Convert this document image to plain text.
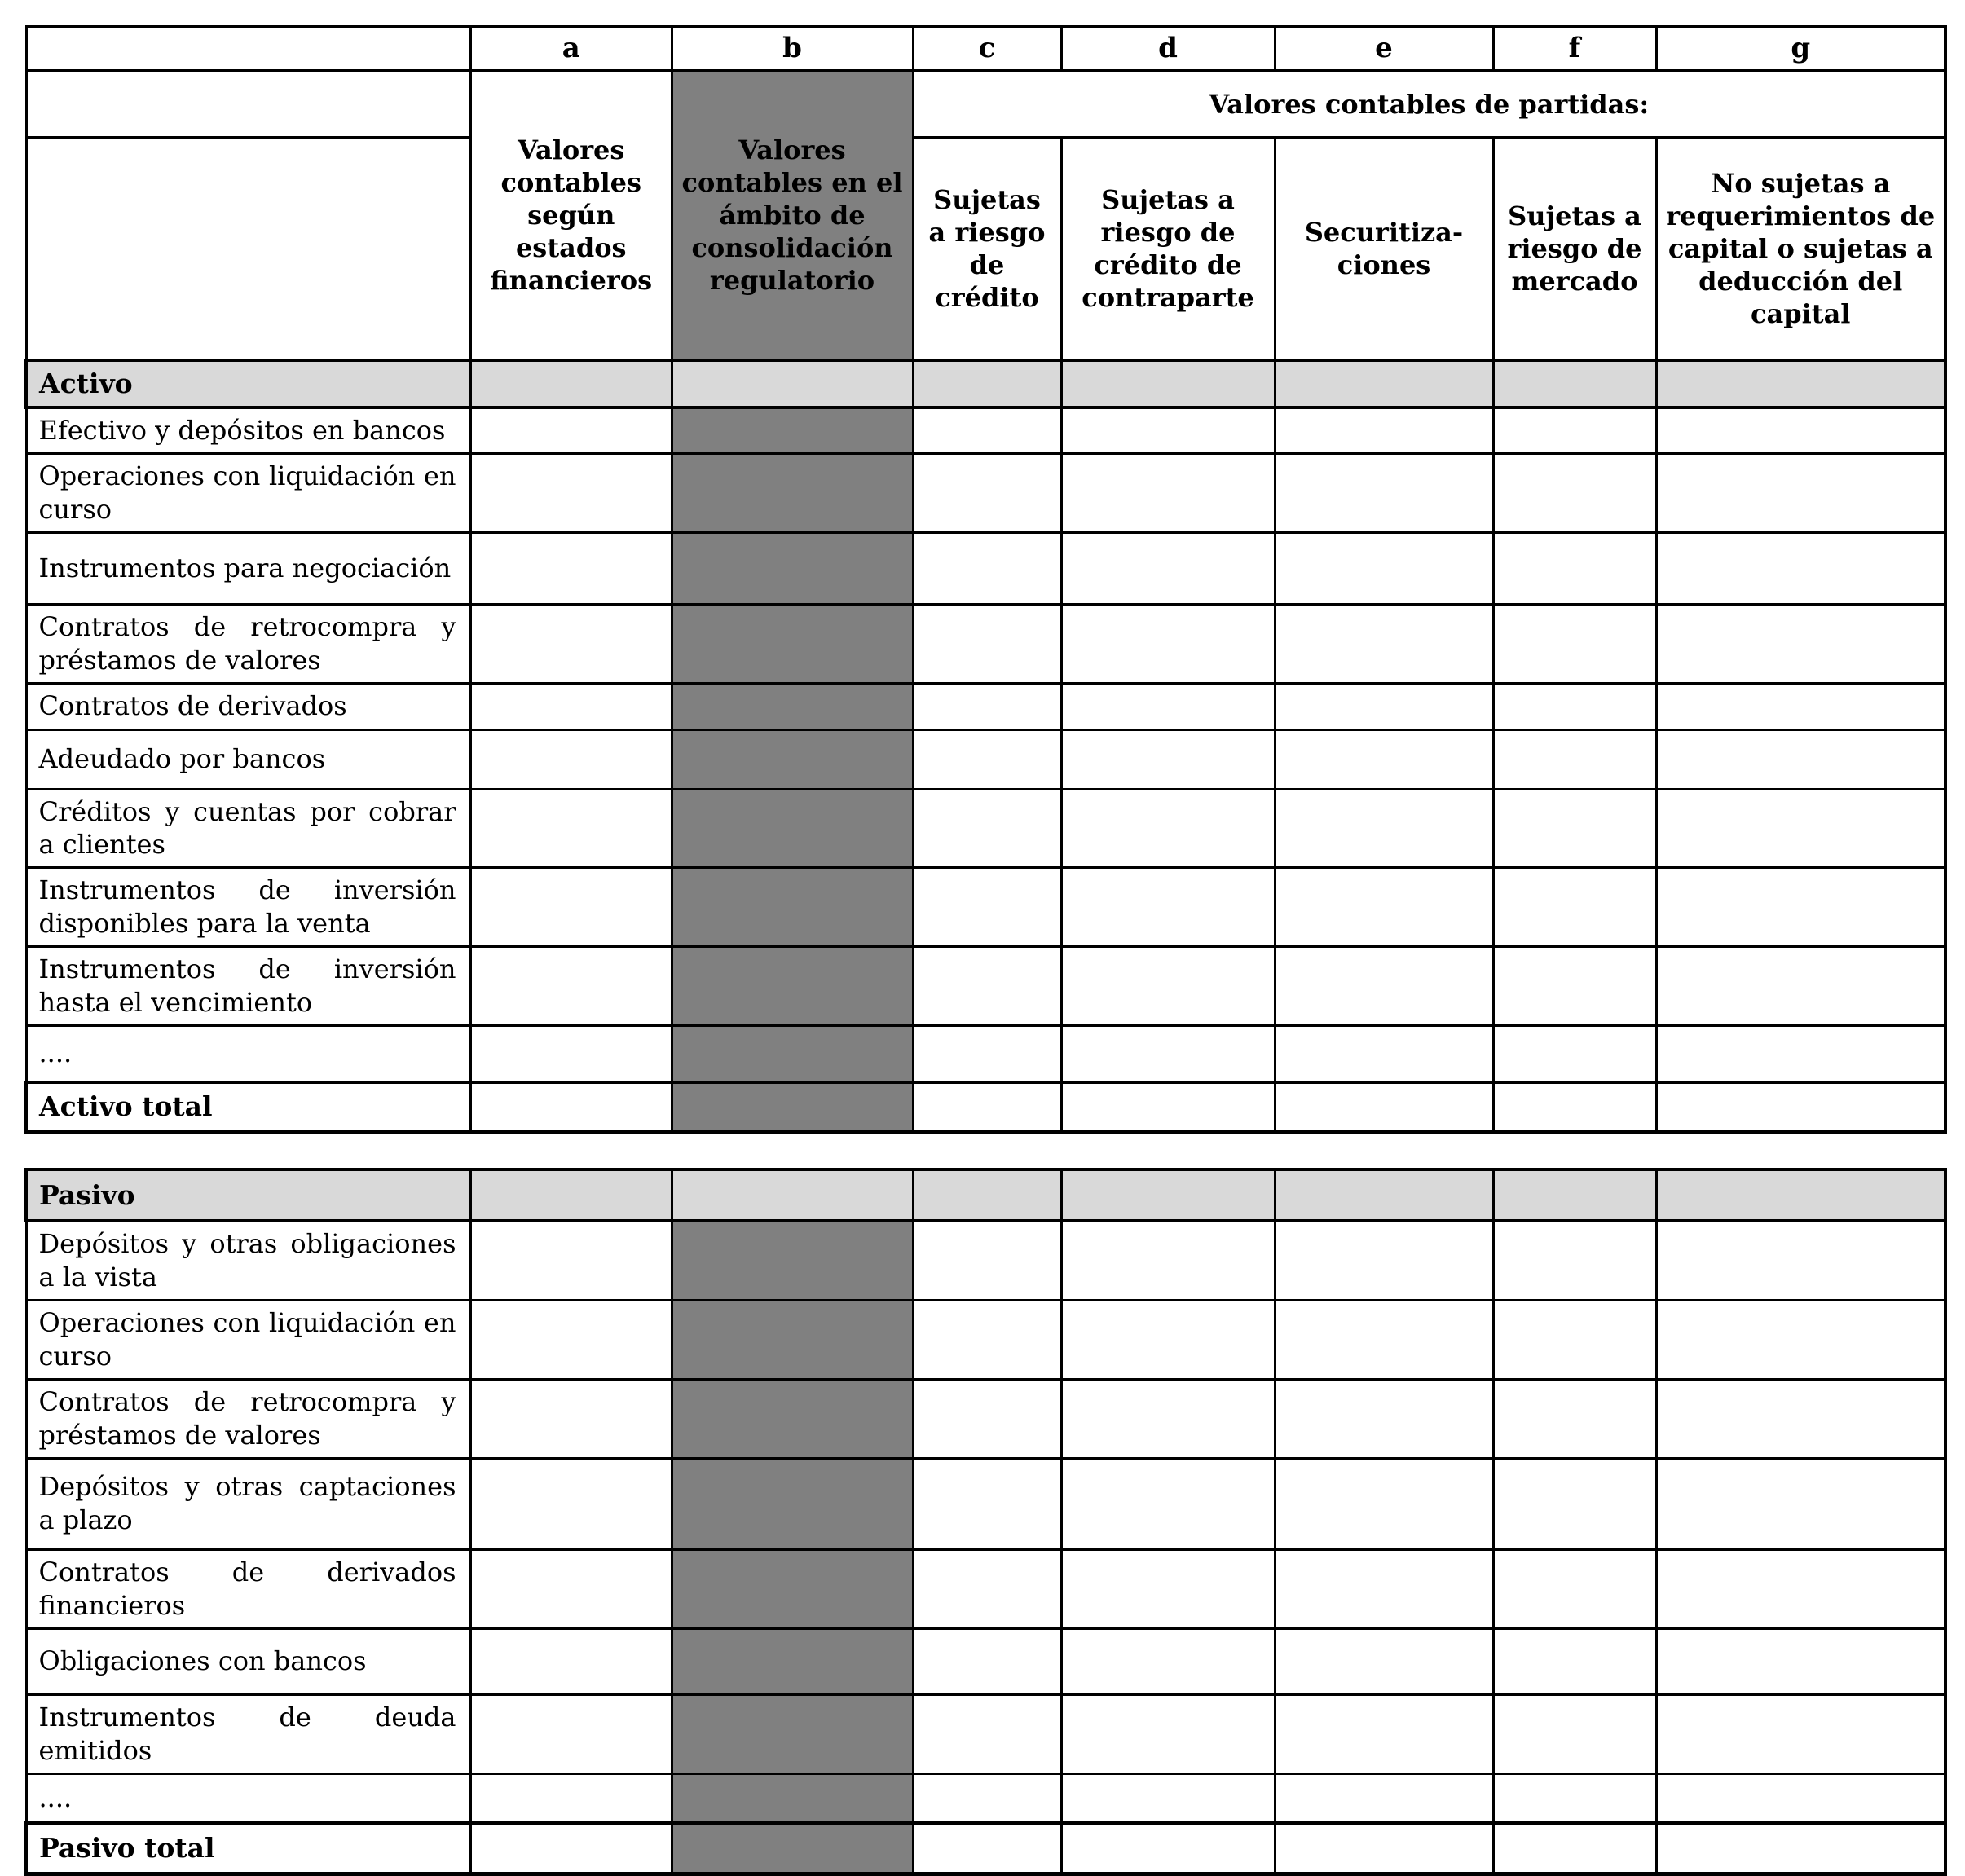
	a	b	c	d	e	f	g
	Valores contables según estados financieros	Valores contables en el ámbito de consolidación regulatorio	Valores contables de partidas:				
			Sujetas a riesgo de crédito	Sujetas a riesgo de crédito de contraparte	Securitiza-ciones	Sujetas a riesgo de mercado	No sujetas a requerimientos de capital o sujetas a deducción del capital
Activo							
Efectivo y depósitos en bancos							
Operaciones con liquidación en curso							
Instrumentos para negociación							
Contratos de retrocompra y préstamos de valores							
Contratos de derivados							
Adeudado por bancos							
Créditos y cuentas por cobrar a clientes							
Instrumentos de inversión disponibles para la venta							
Instrumentos de inversión hasta el vencimiento							
....							
Activo total							
Pasivo							
Depósitos y otras obligaciones a la vista							
Operaciones con liquidación en curso							
Contratos de retrocompra y préstamos de valores							
Depósitos y otras captaciones a plazo							
Contratos de derivados financieros							
Obligaciones con bancos							
Instrumentos de deuda emitidos							
....							
Pasivo total							
